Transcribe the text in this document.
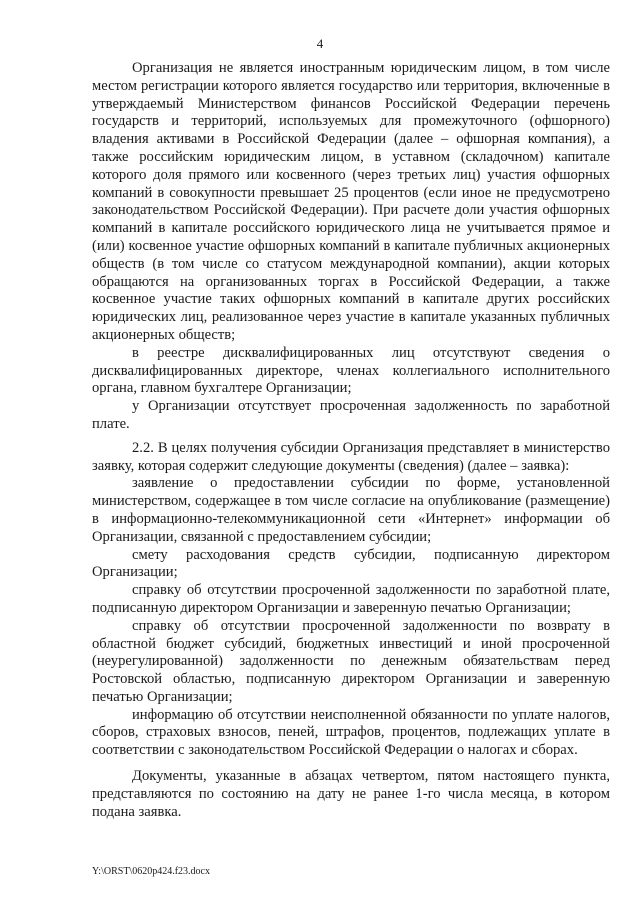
4

Организация не является иностранным юридическим лицом, в том числе местом регистрации которого является государство или территория, включенные в утверждаемый Министерством финансов Российской Федерации перечень государств и территорий, используемых для промежуточного (офшорного) владения активами в Российской Федерации (далее – офшорная компания), а также российским юридическим лицом, в уставном (складочном) капитале которого доля прямого или косвенного (через третьих лиц) участия офшорных компаний в совокупности превышает 25 процентов (если иное не предусмотрено законодательством Российской Федерации). При расчете доли участия офшорных компаний в капитале российского юридического лица не учитывается прямое и (или) косвенное участие офшорных компаний в капитале публичных акционерных обществ (в том числе со статусом международной компании), акции которых обращаются на организованных торгах в Российской Федерации, а также косвенное участие таких офшорных компаний в капитале других российских юридических лиц, реализованное через участие в капитале указанных публичных акционерных обществ;

в реестре дисквалифицированных лиц отсутствуют сведения о дисквалифицированных директоре, членах коллегиального исполнительного органа, главном бухгалтере Организации;

у Организации отсутствует просроченная задолженность по заработной плате.

2.2. В целях получения субсидии Организация представляет в министерство заявку, которая содержит следующие документы (сведения) (далее – заявка):

заявление о предоставлении субсидии по форме, установленной министерством, содержащее в том числе согласие на опубликование (размещение) в информационно-телекоммуникационной сети «Интернет» информации об Организации, связанной с предоставлением субсидии;

смету расходования средств субсидии, подписанную директором Организации;

справку об отсутствии просроченной задолженности по заработной плате, подписанную директором Организации и заверенную печатью Организации;

справку об отсутствии просроченной задолженности по возврату в областной бюджет субсидий, бюджетных инвестиций и иной просроченной (неурегулированной) задолженности по денежным обязательствам перед Ростовской областью, подписанную директором Организации и заверенную печатью Организации;

информацию об отсутствии неисполненной обязанности по уплате налогов, сборов, страховых взносов, пеней, штрафов, процентов, подлежащих уплате в соответствии с законодательством Российской Федерации о налогах и сборах.

Документы, указанные в абзацах четвертом, пятом настоящего пункта, представляются по состоянию на дату не ранее 1-го числа месяца, в котором подана заявка.

Y:\ORST\0620p424.f23.docx
